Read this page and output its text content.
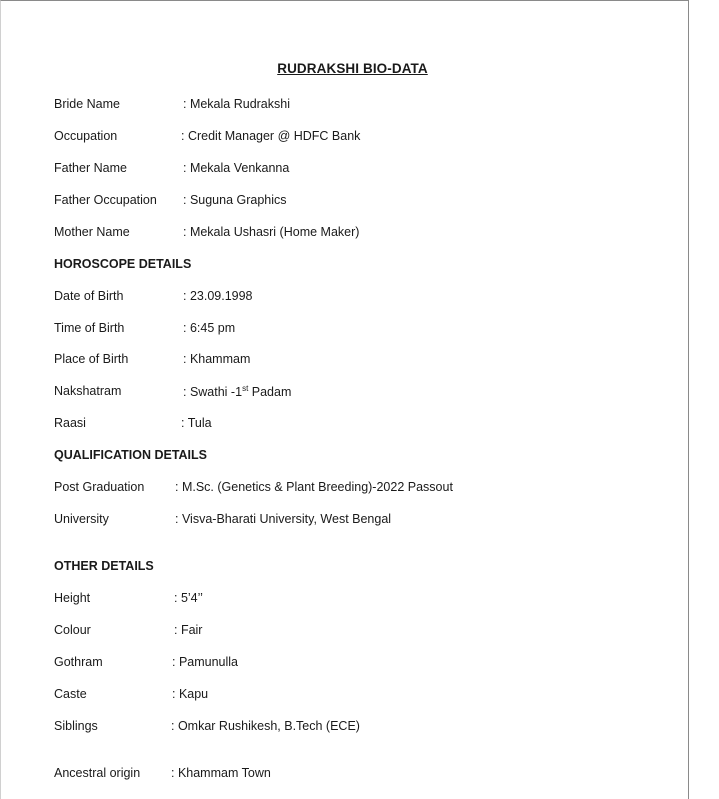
RUDRAKSHI BIO-DATA
Bride Name	: Mekala Rudrakshi
Occupation	: Credit Manager @ HDFC Bank
Father Name	: Mekala Venkanna
Father Occupation : Suguna Graphics
Mother Name	: Mekala Ushasri (Home Maker)
HOROSCOPE DETAILS
Date of Birth	: 23.09.1998
Time of Birth	: 6:45 pm
Place of Birth	: Khammam
Nakshatram	: Swathi -1st Padam
Raasi	: Tula
QUALIFICATION DETAILS
Post Graduation : M.Sc. (Genetics & Plant Breeding)-2022 Passout
University	: Visva-Bharati University, West Bengal
OTHER DETAILS
Height	: 5’4’’
Colour	: Fair
Gothram	: Pamunulla
Caste	: Kapu
Siblings	: Omkar Rushikesh, B.Tech (ECE)
Ancestral origin : Khammam Town
